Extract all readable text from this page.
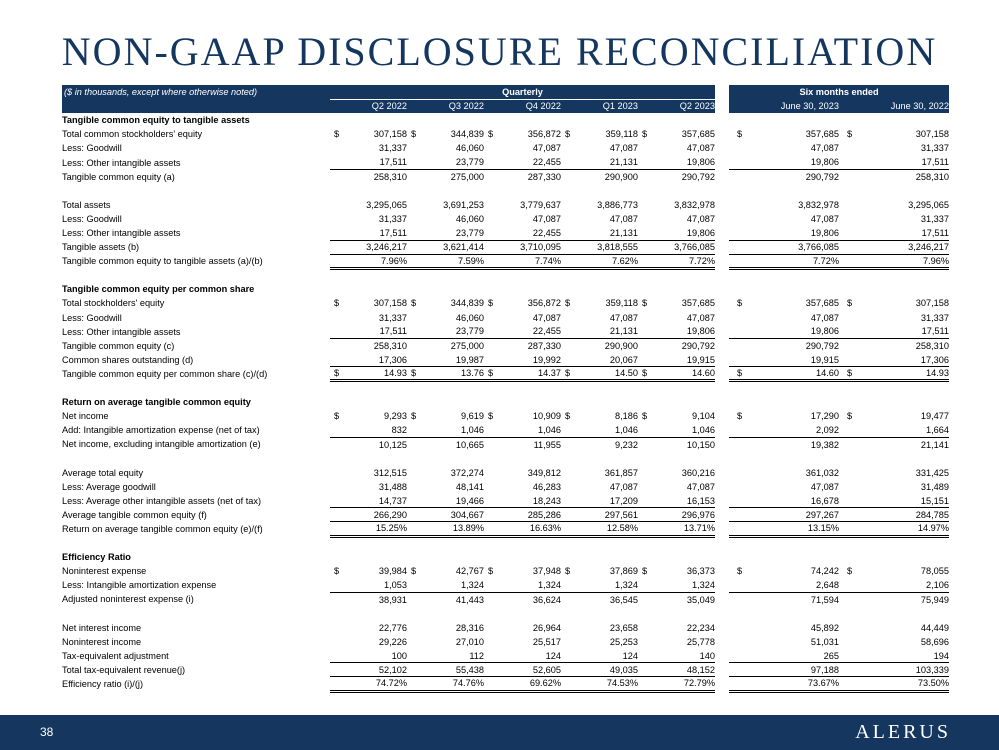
NON-GAAP DISCLOSURE RECONCILIATION
($ in thousands, except where otherwise noted)	Quarterly						Six months ended	
	Q2 2022	Q3 2022	Q4 2022	Q1 2023	Q2 2023		June 30, 2023	June 30, 2022
Tangible common equity to tangible assets								
Total common stockholders' equity	$ 307,158	$ 344,839	$ 356,872	$ 359,118	$ 357,685		$ 357,685	$ 307,158
Less: Goodwill	31,337	46,060	47,087	47,087	47,087		47,087	31,337
Less: Other intangible assets	17,511	23,779	22,455	21,131	19,806		19,806	17,511
Tangible common equity (a)	258,310	275,000	287,330	290,900	290,792		290,792	258,310

Total assets	3,295,065	3,691,253	3,779,637	3,886,773	3,832,978		3,832,978	3,295,065
Less: Goodwill	31,337	46,060	47,087	47,087	47,087		47,087	31,337
Less: Other intangible assets	17,511	23,779	22,455	21,131	19,806		19,806	17,511
Tangible assets (b)	3,246,217	3,621,414	3,710,095	3,818,555	3,766,085		3,766,085	3,246,217
Tangible common equity to tangible assets (a)/(b)	7.96%	7.59%	7.74%	7.62%	7.72%		7.72%	7.96%

Tangible common equity per common share								
Total stockholders' equity	$ 307,158	$ 344,839	$ 356,872	$ 359,118	$ 357,685		$ 357,685	$ 307,158
Less: Goodwill	31,337	46,060	47,087	47,087	47,087		47,087	31,337
Less: Other intangible assets	17,511	23,779	22,455	21,131	19,806		19,806	17,511
Tangible common equity (c)	258,310	275,000	287,330	290,900	290,792		290,792	258,310
Common shares outstanding (d)	17,306	19,987	19,992	20,067	19,915		19,915	17,306
Tangible common equity per common share (c)/(d)	$ 14.93	$ 13.76	$ 14.37	$ 14.50	$ 14.60		$ 14.60	$ 14.93

Return on average tangible common equity								
Net income	$ 9,293	$ 9,619	$ 10,909	$ 8,186	$ 9,104		$ 17,290	$ 19,477
Add: Intangible amortization expense (net of tax)	832	1,046	1,046	1,046	1,046		2,092	1,664
Net income, excluding intangible amortization (e)	10,125	10,665	11,955	9,232	10,150		19,382	21,141

Average total equity	312,515	372,274	349,812	361,857	360,216		361,032	331,425
Less: Average goodwill	31,488	48,141	46,283	47,087	47,087		47,087	31,489
Less: Average other intangible assets (net of tax)	14,737	19,466	18,243	17,209	16,153		16,678	15,151
Average tangible common equity (f)	266,290	304,667	285,286	297,561	296,976		297,267	284,785
Return on average tangible common equity (e)/(f)	15.25%	13.89%	16.63%	12.58%	13.71%		13.15%	14.97%

Efficiency Ratio								
Noninterest expense	$ 39,984	$ 42,767	$ 37,948	$ 37,869	$ 36,373		$ 74,242	$ 78,055
Less: Intangible amortization expense	1,053	1,324	1,324	1,324	1,324		2,648	2,106
Adjusted noninterest expense (i)	38,931	41,443	36,624	36,545	35,049		71,594	75,949

Net interest income	22,776	28,316	26,964	23,658	22,234		45,892	44,449
Noninterest income	29,226	27,010	25,517	25,253	25,778		51,031	58,696
Tax-equivalent adjustment	100	112	124	124	140		265	194
Total tax-equivalent revenue(j)	52,102	55,438	52,605	49,035	48,152		97,188	103,339
Efficiency ratio (i)/(j)	74.72%	74.76%	69.62%	74.53%	72.79%		73.67%	73.50%
38	ALERUS
